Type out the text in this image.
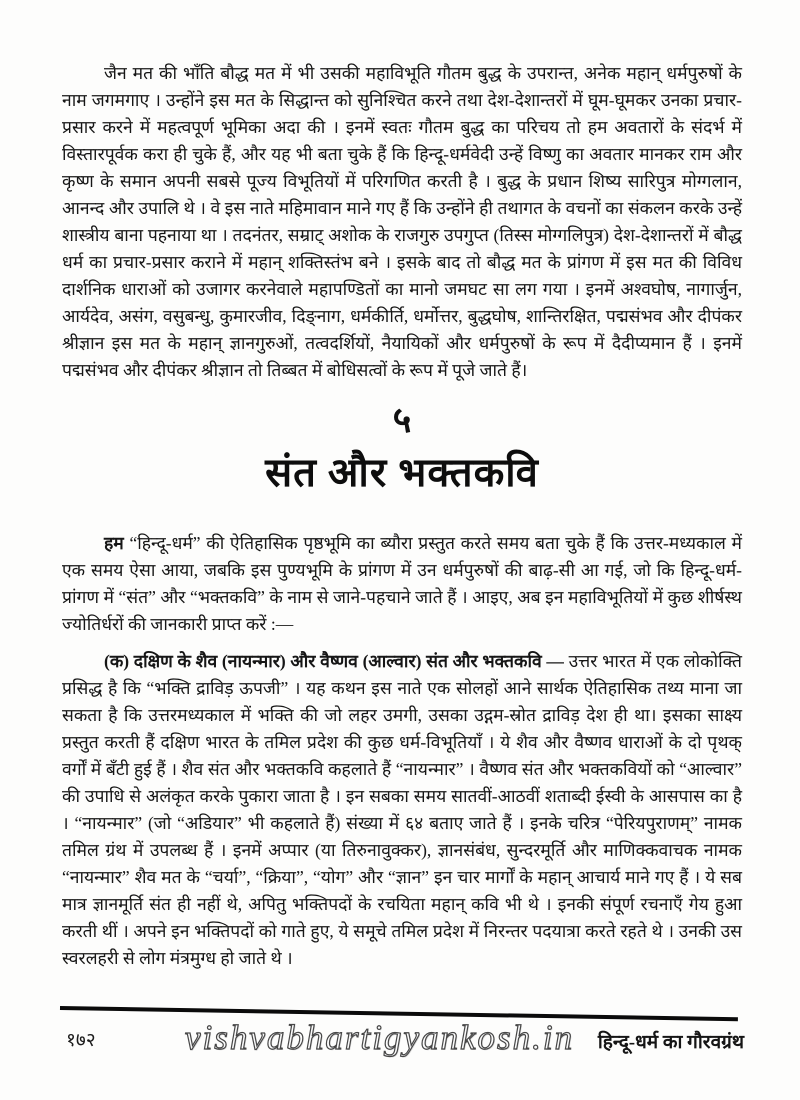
जैन मत की भाँति बौद्ध मत में भी उसकी महाविभूति गौतम बुद्ध के उपरान्त, अनेक महान् धर्मपुरुषों के नाम जगमगाए । उन्होंने इस मत के सिद्धान्त को सुनिश्चित करने तथा देश-देशान्तरों में घूम-घूमकर उनका प्रचार-प्रसार करने में महत्वपूर्ण भूमिका अदा की । इनमें स्वतः गौतम बुद्ध का परिचय तो हम अवतारों के संदर्भ में विस्तारपूर्वक करा ही चुके हैं, और यह भी बता चुके हैं कि हिन्दू-धर्मवेदी उन्हें विष्णु का अवतार मानकर राम और कृष्ण के समान अपनी सबसे पूज्य विभूतियों में परिगणित करती है । बुद्ध के प्रधान शिष्य सारिपुत्र मोग्गलान, आनन्द और उपालि थे । वे इस नाते महिमावान माने गए हैं कि उन्होंने ही तथागत के वचनों का संकलन करके उन्हें शास्त्रीय बाना पहनाया था । तदनंतर, सम्राट् अशोक के राजगुरु उपगुप्त (तिस्स मोग्गलिपुत्र) देश-देशान्तरों में बौद्ध धर्म का प्रचार-प्रसार कराने में महान् शक्तिस्तंभ बने । इसके बाद तो बौद्ध मत के प्रांगण में इस मत की विविध दार्शनिक धाराओं को उजागर करनेवाले महापण्डितों का मानो जमघट सा लग गया । इनमें अश्वघोष, नागार्जुन, आर्यदेव, असंग, वसुबन्धु, कुमारजीव, दिङ्नाग, धर्मकीर्ति, धर्मोत्तर, बुद्धघोष, शान्तिरक्षित, पद्मसंभव और दीपंकर श्रीज्ञान इस मत के महान् ज्ञानगुरुओं, तत्वदर्शियों, नैयायिकों और धर्मपुरुषों के रूप में दैदीप्यमान हैं । इनमें पद्मसंभव और दीपंकर श्रीज्ञान तो तिब्बत में बोधिसत्वों के रूप में पूजे जाते हैं।

५
संत और भक्तकवि

हम “हिन्दू-धर्म” की ऐतिहासिक पृष्ठभूमि का ब्यौरा प्रस्तुत करते समय बता चुके हैं कि उत्तर-मध्यकाल में एक समय ऐसा आया, जबकि इस पुण्यभूमि के प्रांगण में उन धर्मपुरुषों की बाढ़-सी आ गई, जो कि हिन्दू-धर्म-प्रांगण में “संत” और “भक्तकवि” के नाम से जाने-पहचाने जाते हैं । आइए, अब इन महाविभूतियों में कुछ शीर्षस्थ ज्योतिर्धरों की जानकारी प्राप्त करें :—

(क) दक्षिण के शैव (नायन्मार) और वैष्णव (आल्वार) संत और भक्तकवि — उत्तर भारत में एक लोकोक्ति प्रसिद्ध है कि “भक्ति द्राविड़ ऊपजी” । यह कथन इस नाते एक सोलहों आने सार्थक ऐतिहासिक तथ्य माना जा सकता है कि उत्तरमध्यकाल में भक्ति की जो लहर उमगी, उसका उद्गम-स्रोत द्राविड़ देश ही था। इसका साक्ष्य प्रस्तुत करती हैं दक्षिण भारत के तमिल प्रदेश की कुछ धर्म-विभूतियाँ । ये शैव और वैष्णव धाराओं के दो पृथक् वर्गों में बँटी हुई हैं । शैव संत और भक्तकवि कहलाते हैं “नायन्मार” । वैष्णव संत और भक्तकवियों को “आल्वार” की उपाधि से अलंकृत करके पुकारा जाता है । इन सबका समय सातवीं-आठवीं शताब्दी ईस्वी के आसपास का है । “नायन्मार” (जो “अडियार” भी कहलाते हैं) संख्या में ६४ बताए जाते हैं । इनके चरित्र “पेरियपुराणम्” नामक तमिल ग्रंथ में उपलब्ध हैं । इनमें अप्पार (या तिरुनावुक्कर), ज्ञानसंबंध, सुन्दरमूर्ति और माणिक्कवाचक नामक “नायन्मार” शैव मत के “चर्या”, “क्रिया”, “योग” और “ज्ञान” इन चार मार्गों के महान् आचार्य माने गए हैं । ये सब मात्र ज्ञानमूर्ति संत ही नहीं थे, अपितु भक्तिपदों के रचयिता महान् कवि भी थे । इनकी संपूर्ण रचनाएँ गेय हुआ करती थीं । अपने इन भक्तिपदों को गाते हुए, ये समूचे तमिल प्रदेश में निरन्तर पदयात्रा करते रहते थे । उनकी उस स्वरलहरी से लोग मंत्रमुग्ध हो जाते थे ।

१७२	vishvabhartigyankosh.in	हिन्दू-धर्म का गौरवग्रंथ
